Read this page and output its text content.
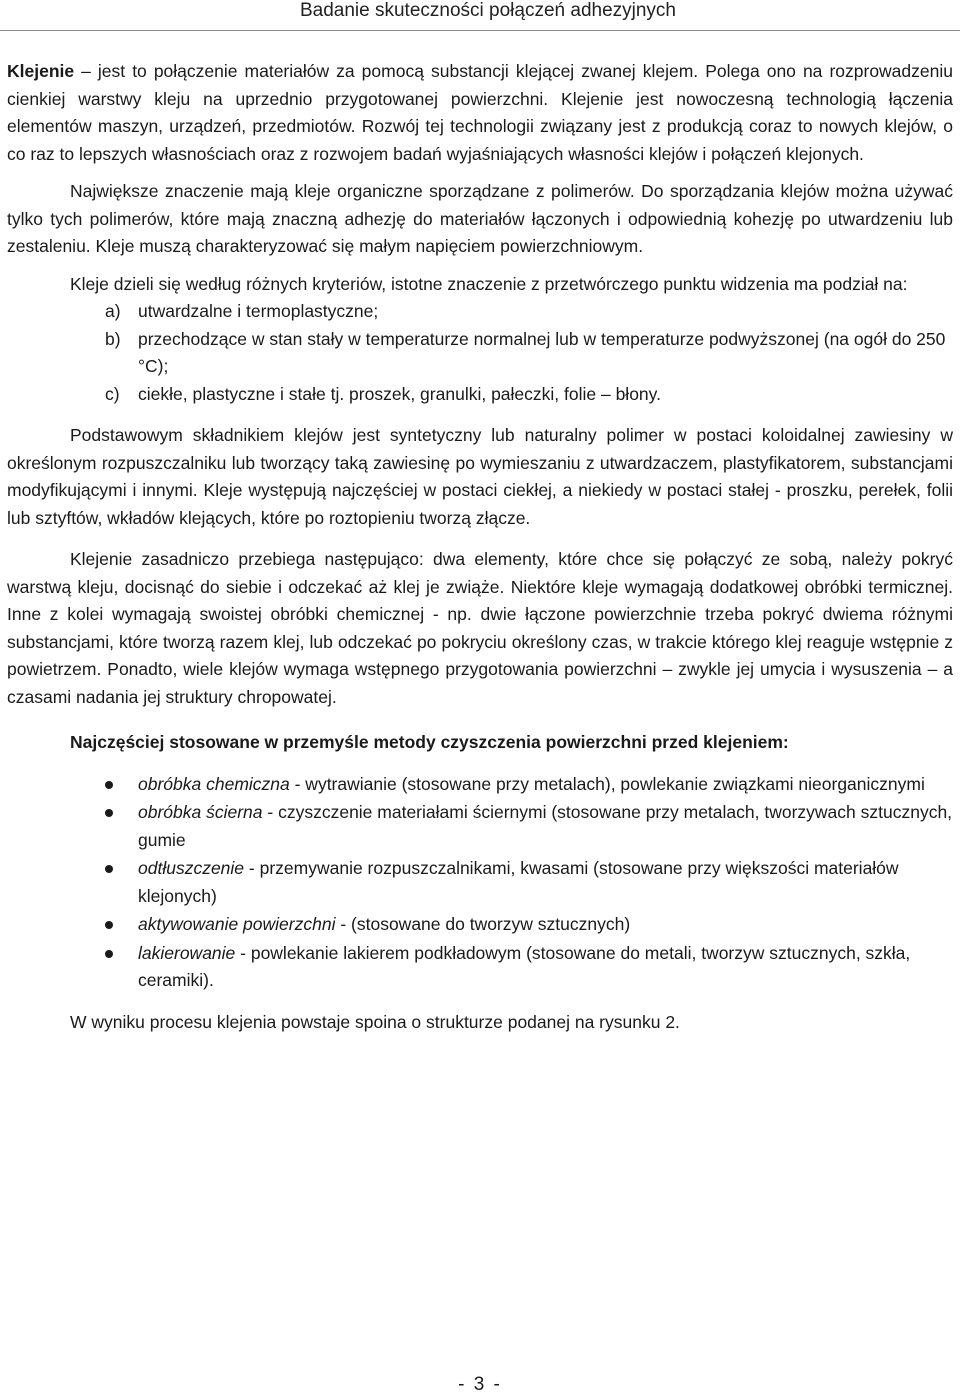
Badanie skuteczności połączeń adhezyjnych

Klejenie – jest to połączenie materiałów za pomocą substancji klejącej zwanej klejem. Polega ono na rozprowadzeniu cienkiej warstwy kleju na uprzednio przygotowanej powierzchni. Klejenie jest nowoczesną technologią łączenia elementów maszyn, urządzeń, przedmiotów. Rozwój tej technologii związany jest z produkcją coraz to nowych klejów, o co raz to lepszych własnościach oraz z rozwojem badań wyjaśniających własności klejów i połączeń klejonych.

Największe znaczenie mają kleje organiczne sporządzane z polimerów. Do sporządzania klejów można używać tylko tych polimerów, które mają znaczną adhezję do materiałów łączonych i odpowiednią kohezję po utwardzeniu lub zestaleniu. Kleje muszą charakteryzować się małym napięciem powierzchniowym.

Kleje dzieli się według różnych kryteriów, istotne znaczenie z przetwórczego punktu widzenia ma podział na:

a) utwardzalne i termoplastyczne;
b) przechodzące w stan stały w temperaturze normalnej lub w temperaturze podwyższonej (na ogół do 250 °C);
c) ciekłe, plastyczne i stałe tj. proszek, granulki, pałeczki, folie – błony.

Podstawowym składnikiem klejów jest syntetyczny lub naturalny polimer w postaci koloidalnej zawiesiny w określonym rozpuszczalniku lub tworzący taką zawiesinę po wymieszaniu z utwardzaczem, plastyfikatorem, substancjami modyfikującymi i innymi. Kleje występują najczęściej w postaci ciekłej, a niekiedy w postaci stałej - proszku, perełek, folii lub sztyftów, wkładów klejących, które po roztopieniu tworzą złącze.

Klejenie zasadniczo przebiega następująco: dwa elementy, które chce się połączyć ze sobą, należy pokryć warstwą kleju, docisnąć do siebie i odczekać aż klej je zwiąże. Niektóre kleje wymagają dodatkowej obróbki termicznej. Inne z kolei wymagają swoistej obróbki chemicznej - np. dwie łączone powierzchnie trzeba pokryć dwiema różnymi substancjami, które tworzą razem klej, lub odczekać po pokryciu określony czas, w trakcie którego klej reaguje wstępnie z powietrzem. Ponadto, wiele klejów wymaga wstępnego przygotowania powierzchni – zwykle jej umycia i wysuszenia – a czasami nadania jej struktury chropowatej.

Najczęściej stosowane w przemyśle metody czyszczenia powierzchni przed klejeniem:
obróbka chemiczna - wytrawianie (stosowane przy metalach), powlekanie związkami nieorganicznymi
obróbka ścierna - czyszczenie materiałami ściernymi (stosowane przy metalach, tworzywach sztucznych, gumie
odtłuszczenie - przemywanie rozpuszczalnikami, kwasami (stosowane przy większości materiałów klejonych)
aktywowanie powierzchni - (stosowane do tworzyw sztucznych)
lakierowanie - powlekanie lakierem podkładowym (stosowane do metali, tworzyw sztucznych, szkła, ceramiki).

W wyniku procesu klejenia powstaje spoina o strukturze podanej na rysunku 2.

- 3 -
